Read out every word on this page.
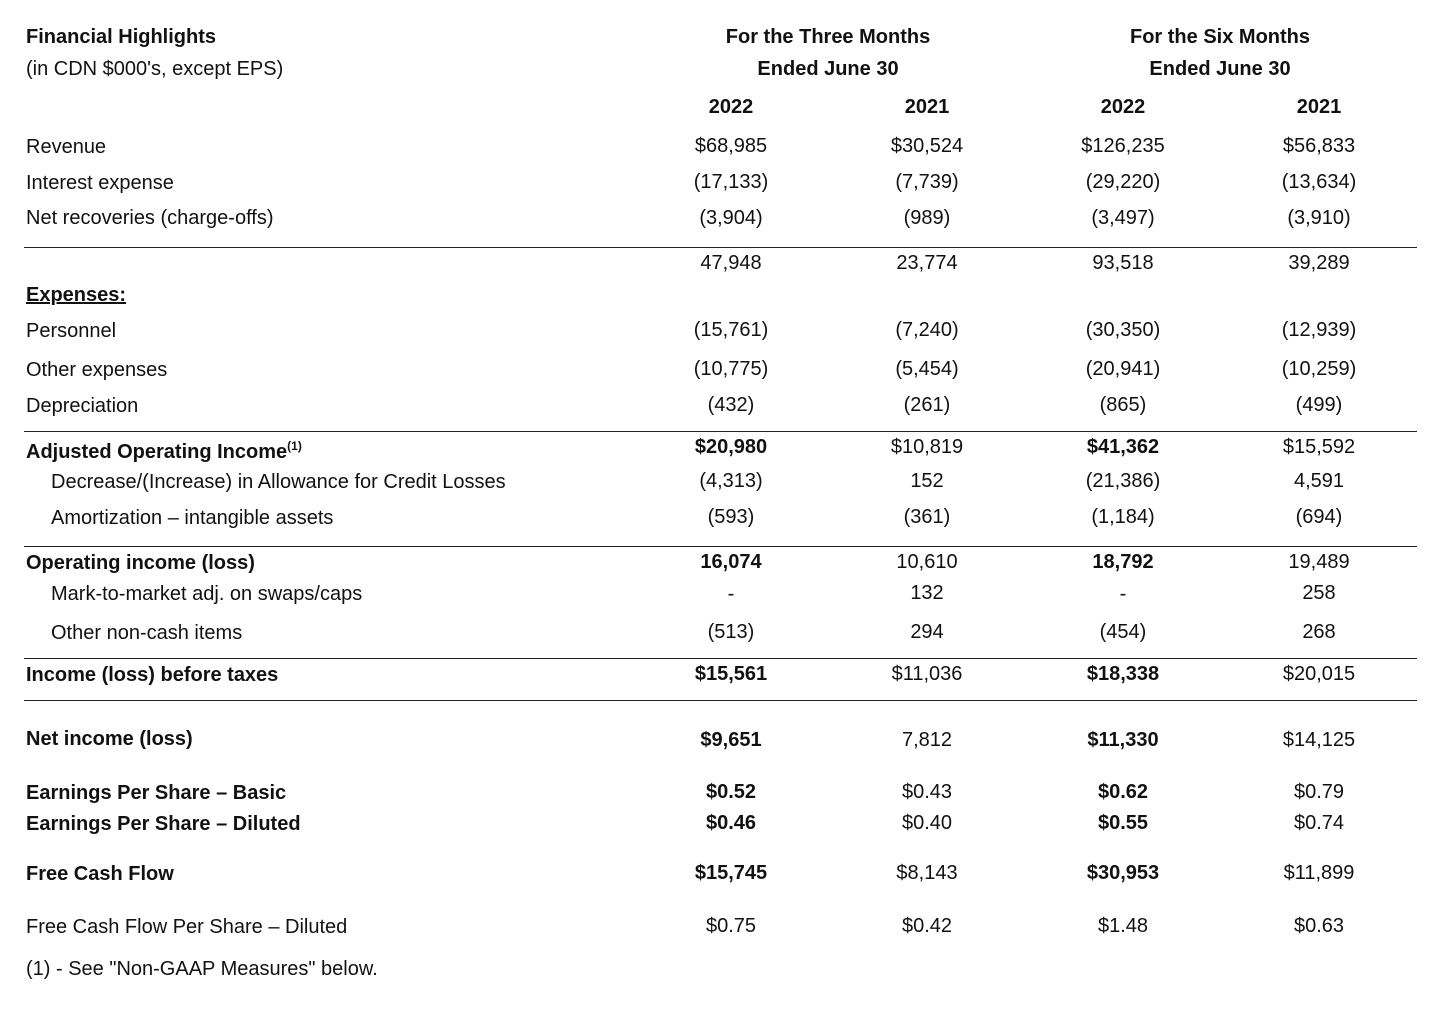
Financial Highlights
(in CDN $000's, except EPS)
For the Three Months
Ended June 30
For the Six Months
Ended June 30
2022	2021	2022	2021
Revenue	$68,985	$30,524	$126,235	$56,833
Interest expense	(17,133)	(7,739)	(29,220)	(13,634)
Net recoveries (charge-offs)	(3,904)	(989)	(3,497)	(3,910)
47,948	23,774	93,518	39,289
Expenses:
Personnel	(15,761)	(7,240)	(30,350)	(12,939)
Other expenses	(10,775)	(5,454)	(20,941)	(10,259)
Depreciation	(432)	(261)	(865)	(499)
Adjusted Operating Income$^{(1)}$	$20,980	$10,819	$41,362	$15,592
Decrease/(Increase) in Allowance for Credit Losses	(4,313)	152	(21,386)	4,591
Amortization – intangible assets	(593)	(361)	(1,184)	(694)
Operating income (loss)	16,074	10,610	18,792	19,489
Mark-to-market adj. on swaps/caps	-	132	-	258
Other non-cash items	(513)	294	(454)	268
Income (loss) before taxes	$15,561	$11,036	$18,338	$20,015
Net income (loss)	$9,651	7,812	$11,330	$14,125
Earnings Per Share – Basic	$0.52	$0.43	$0.62	$0.79
Earnings Per Share – Diluted	$0.46	$0.40	$0.55	$0.74
Free Cash Flow	$15,745	$8,143	$30,953	$11,899
Free Cash Flow Per Share – Diluted	$0.75	$0.42	$1.48	$0.63
(1) - See "Non-GAAP Measures" below.
